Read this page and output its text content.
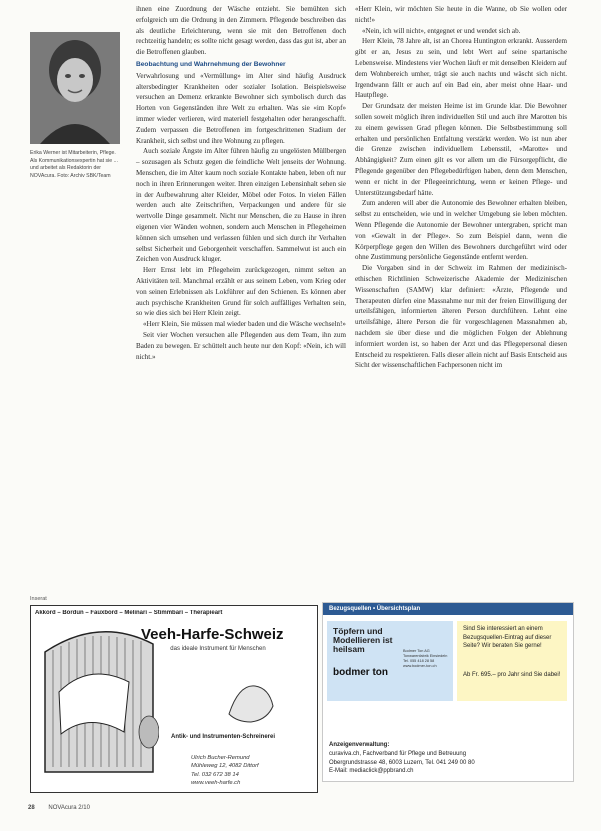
Erika Werner ist Mitarbeiterin, Pflege. Als Kommunikationsexpertin hat sie ... und arbeitet als Redaktorin der NOVAcura. Foto: Archiv SBK/Team

ihnen eine Zuordnung der Wäsche entzieht. Sie bemühten sich erfolgreich um die Ordnung in den Zimmern. Pflegende beschreiben das als deutliche Erleichterung, wenn sie mit den Betroffenen doch rechtzeitig handeln; es sollte nicht gesagt werden, dass das gut ist, aber an die Betroffenen glauben.

Beobachtung und Wahrnehmung der Bewohner

Verwahrlosung und «Vermüllung» im Alter sind häufig Ausdruck altersbedingter Krankheiten oder sozialer Isolation. Beispielsweise versuchen an Demenz erkrankte Bewohner sich symbolisch durch das Horten von Gegenständen ihre Welt zu erhalten. Was sie «im Kopf» immer wieder verlieren, wird materiell festgehalten oder herangeschafft. Zudem verpassen die Betroffenen im fortgeschrittenen Stadium der Krankheit, sich selbst und ihre Wohnung zu pflegen.

Auch soziale Ängste im Alter führen häufig zu ungelösten Müllbergen – sozusagen als Schutz gegen die feindliche Welt jenseits der Wohnung. Menschen, die im Alter kaum noch soziale Kontakte haben, leben oft nur noch in ihren Erinnerungen weiter. Ihren einzigen Lebensinhalt sehen sie in der Aufbewahrung alter Kleider, Möbel oder Fotos. In vielen Fällen werden auch alte Zeitschriften, Verpackungen und andere für sie wertvolle Dinge gesammelt. Nicht nur Menschen, die zu Hause in ihren eigenen vier Wänden wohnen, sondern auch Menschen in Pflegeheimen können sich umsehen und verlassen fühlen und sich durch ihr Verhalten selbst Sicherheit und Geborgenheit verschaffen. Sammelwut ist auch ein Zeichen von Ausdruck kluger.

Herr Ernst lebt im Pflegeheim zurückgezogen, nimmt selten an Aktivitäten teil. Manchmal erzählt er aus seinem Leben, vom Krieg oder von seinen Erlebnissen als Lokführer auf den Schienen. Es können aber auch psychische Krankheiten Grund für solch auffälliges Verhalten sein, so wie dies sich bei Herr Klein zeigt.

«Herr Klein, Sie müssen mal wieder baden und die Wäsche wechseln!»

Seit vier Wochen versuchen alle Pflegenden aus dem Team, ihn zum Baden zu bewegen. Er schüttelt auch heute nur den Kopf: «Nein, ich will nicht.»

«Herr Klein, wir möchten Sie heute in die Wanne, ob Sie wollen oder nicht!»

«Nein, ich will nicht», entgegnet er und wendet sich ab.

Herr Klein, 78 Jahre alt, ist an Chorea Huntington erkrankt. Ausserdem gibt er an, Jesus zu sein, und lebt Wert auf seine spartanische Lebensweise. Mindestens vier Wochen läuft er mit denselben Kleidern auf dem Wohnbereich umher, trägt sie auch nachts und wäscht sich nicht. Irgendwann fällt er auch auf ein Bad ein, aber meist ohne Haar- und Hautpflege.

Der Grundsatz der meisten Heime ist im Grunde klar. Die Bewohner sollen soweit möglich ihren individuellen Stil und auch ihre Marotten bis zu einem gewissen Grad pflegen können. Die Selbstbestimmung soll erhalten und persönlichen Entfaltung verstärkt werden. Wo ist nun aber die Grenze zwischen individuellem Lebensstil, «Marotte» und Abhängigkeit? Zum einen gilt es vor allem um die Fürsorgepflicht, die Pflegende gegenüber den Pflegebedürftigen haben, denn dem Menschen, wenn er nicht in der Pflegeeinrichtung, wenn er keinen Pflege- und Unterstützungsbedarf hätte.

Zum anderen will aber die Autonomie des Bewohner erhalten bleiben, selbst zu entscheiden, wie und in welcher Umgebung sie leben möchten. Wenn Pflegende die Autonomie der Bewohner untergraben, spricht man von «Gewalt in der Pflege». So zum Beispiel dann, wenn die Körperpflege gegen den Willen des Bewohners durchgeführt wird oder ohne Zustimmung persönliche Gegenstände entfernt werden.

Die Vorgaben sind in der Schweiz im Rahmen der medizinisch-ethischen Richtlinien Schweizerische Akademie der Medizinischen Wissenschaften (SAMW) klar definiert: «Ärzte, Pflegende und Therapeuten dürfen eine Massnahme nur mit der freien Einwilligung der urteilsfähigen, informierten älteren Person durchführen. Lehnt eine urteilsfähige, ältere Person die für vorgeschlagenen Massnahmen ab, nachdem sie über diese und die möglichen Folgen der Ablehnung informiert worden ist, so haben der Arzt und das Pflegepersonal diesen Entscheid zu respektieren. Falls dieser allein nicht auf Basis Entscheid aus Sicht der wissenschaftlichen Fachpersonen nicht im

Inserat
Akkord – Bordun – Fauxbord – Melinari – Stimmbari – Therapieart
Veeh-Harfe-Schweiz
das ideale Instrument für Menschen
Antik- und Instrumenten-Schreinerei
Ulrich Bucher-Remund
Mühleweg 12, 4082 Dittorf
Tel. 032 672 38 14
www.veeh-harfe.ch
Bezugsquellen • Übersichtsplan
Töpfern und
Modellieren ist
heilsam
bodmer ton
Bodmer Ton AG Tonwarenfabrik Einsiedeln Tel. 055 418 28 58 www.bodmer-ton.ch
Sind Sie interessiert an einem Bezugsquellen-Eintrag auf dieser Seite? Wir beraten Sie gerne!
Ab Fr. 695.– pro Jahr sind Sie dabei!
Anzeigenverwaltung:
curaviva.ch, Fachverband für Pflege und Betreuung
Obergrundstrasse 48, 6003 Luzern, Tel. 041 249 00 80
E-Mail: mediaclick@ppbrand.ch
28 NOVAcura 2/10
